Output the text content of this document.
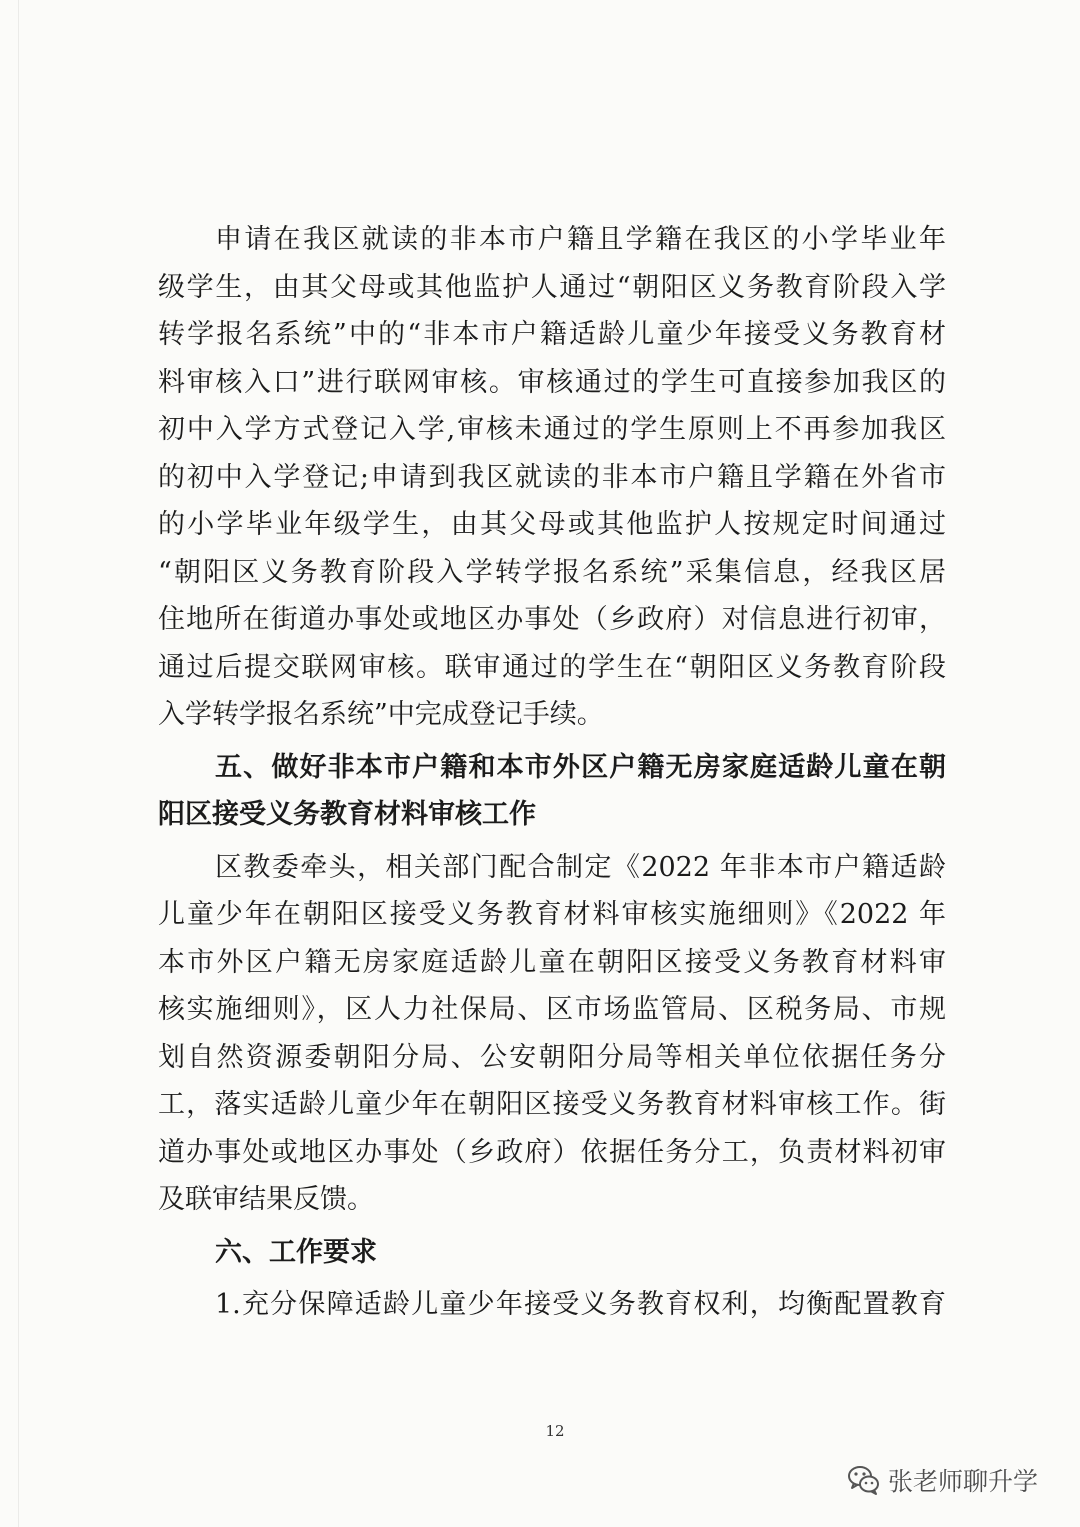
申请在我区就读的非本市户籍且学籍在我区的小学毕业年
级学生，由其父母或其他监护人通过“朝阳区义务教育阶段入学
转学报名系统”中的“非本市户籍适龄儿童少年接受义务教育材
料审核入口”进行联网审核。审核通过的学生可直接参加我区的
初中入学方式登记入学,审核未通过的学生原则上不再参加我区
的初中入学登记;申请到我区就读的非本市户籍且学籍在外省市
的小学毕业年级学生，由其父母或其他监护人按规定时间通过
“朝阳区义务教育阶段入学转学报名系统”采集信息，经我区居
住地所在街道办事处或地区办事处（乡政府）对信息进行初审，
通过后提交联网审核。联审通过的学生在“朝阳区义务教育阶段
入学转学报名系统”中完成登记手续。
五、做好非本市户籍和本市外区户籍无房家庭适龄儿童在朝
阳区接受义务教育材料审核工作
区教委牵头，相关部门配合制定《2022 年非本市户籍适龄
儿童少年在朝阳区接受义务教育材料审核实施细则》《2022 年
本市外区户籍无房家庭适龄儿童在朝阳区接受义务教育材料审
核实施细则》，区人力社保局、区市场监管局、区税务局、市规
划自然资源委朝阳分局、公安朝阳分局等相关单位依据任务分
工，落实适龄儿童少年在朝阳区接受义务教育材料审核工作。街
道办事处或地区办事处（乡政府）依据任务分工，负责材料初审
及联审结果反馈。
六、工作要求
1.充分保障适龄儿童少年接受义务教育权利，均衡配置教育
12
张老师聊升学
